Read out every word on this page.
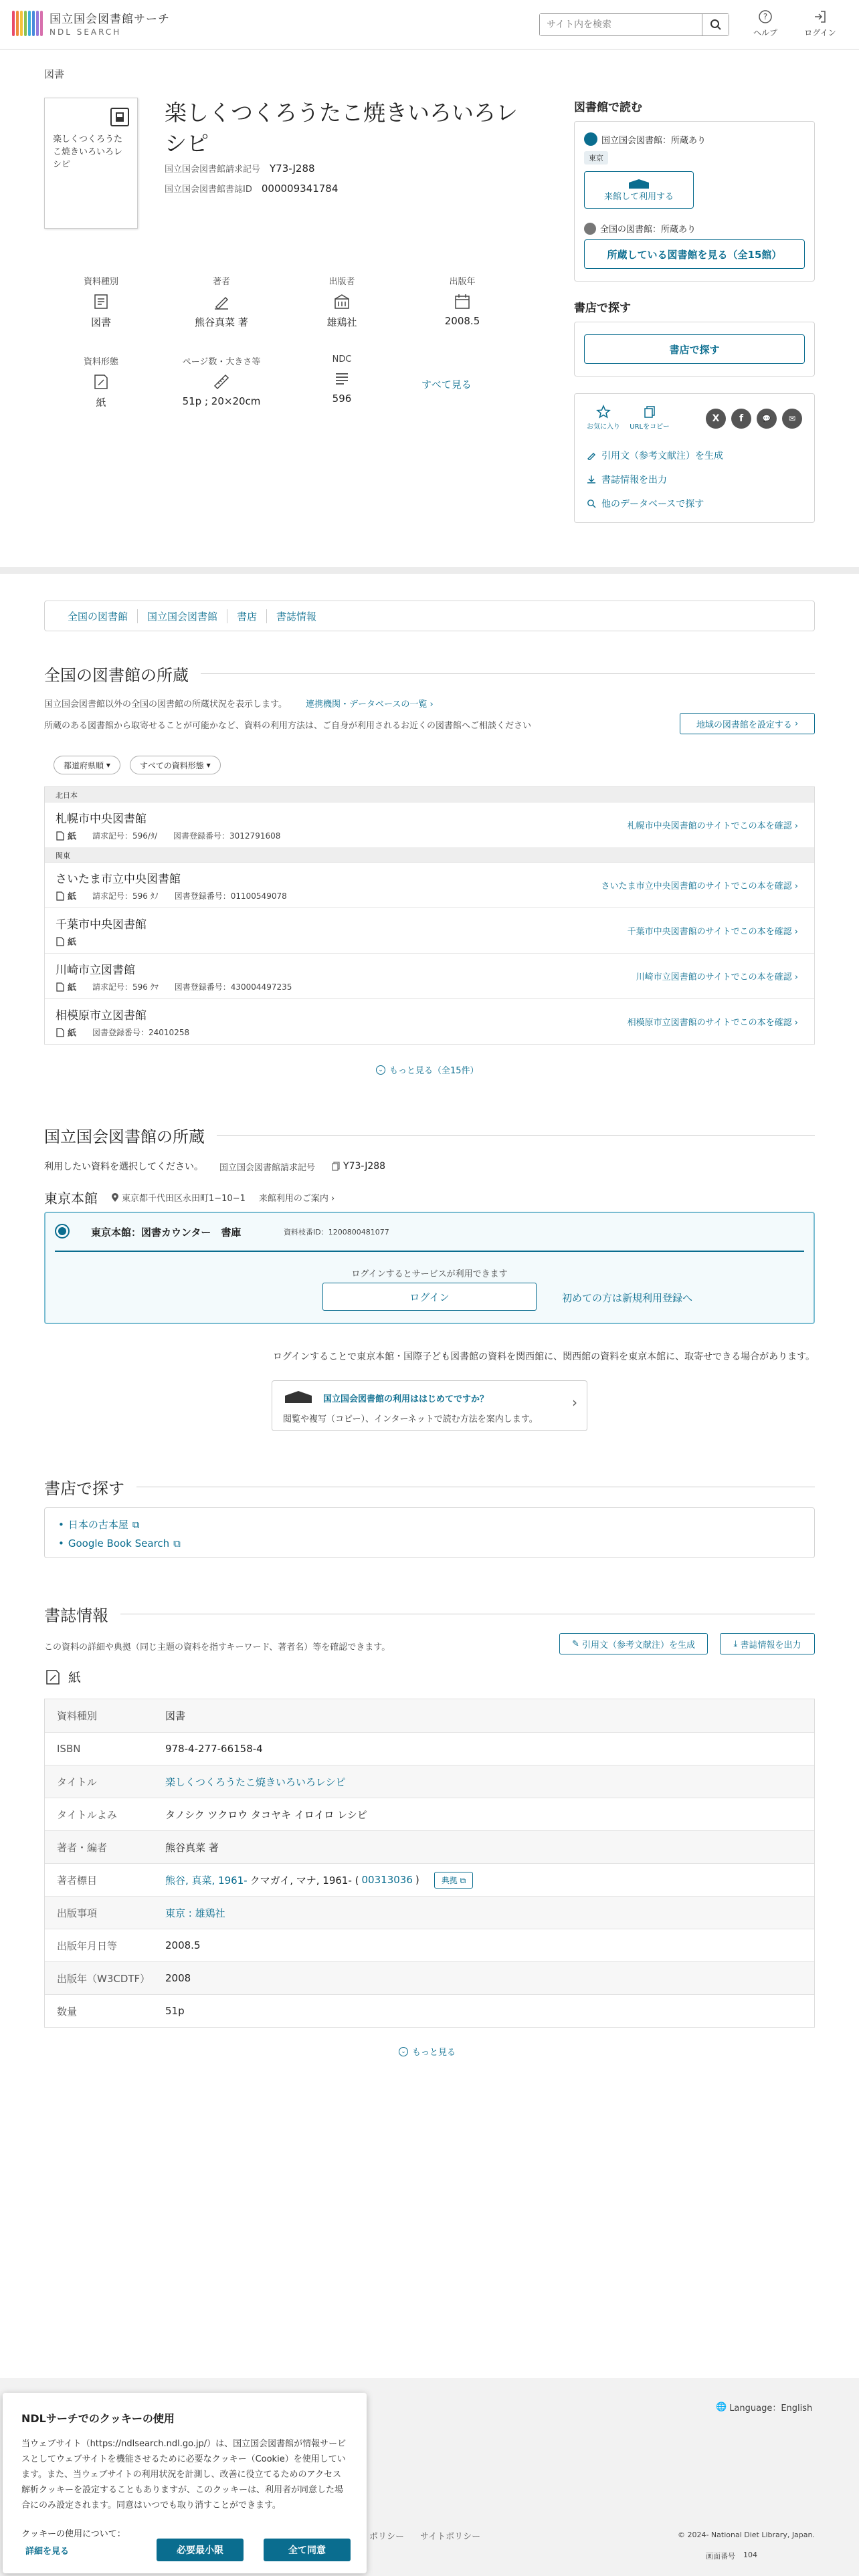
国立国会図書館サーチ
NDL SEARCH
サイト内を検索
?
ヘルプ	ログイン
図書
楽しくつくろうたこ焼きいろいろレシピ
楽しくつくろうたこ焼きいろいろレシピ
国立国会図書館請求記号 Y73-J288
国立国会図書館書誌ID 000009341784
資料種別
図書
著者
熊谷真菜 著
出版者
雄鶏社
出版年
2008.5
資料形態
紙
ページ数・大きさ等
51p ; 20×20cm
NDC
596
すべて見る
図書館で読む
国立国会図書館：所蔵あり
東京
来館して利用する
全国の図書館：所蔵あり
所蔵している図書館を見る（全15館）
書店で探す
書店で探す
お気に入り URLをコピー
X	f	💬	✉
引用文（参考文献注）を生成
書誌情報を出力
他のデータベースで探す
全国の図書館	国立国会図書館	書店	書誌情報
全国の図書館の所蔵
国立国会図書館以外の全国の図書館の所蔵状況を表示します。 連携機関・データベースの一覧 ›
所蔵のある図書館から取寄せることが可能かなど、資料の利用方法は、ご自身が利用されるお近くの図書館へご相談ください	地域の図書館を設定する ›
都道府県順 ▾	すべての資料形態 ▾
北日本
札幌市中央図書館
紙 請求記号：596/ﾀ/ 図書登録番号：3012791608
札幌市中央図書館のサイトでこの本を確認 ›
関東
さいたま市立中央図書館
紙 請求記号：596 ﾀﾉ 図書登録番号：01100549078
さいたま市立中央図書館のサイトでこの本を確認 ›
千葉市中央図書館
紙
千葉市中央図書館のサイトでこの本を確認 ›
川崎市立図書館
紙 請求記号：596 ｸﾏ 図書登録番号：430004497235
川崎市立図書館のサイトでこの本を確認 ›
相模原市立図書館
紙 図書登録番号：24010258
相模原市立図書館のサイトでこの本を確認 ›
⌄ もっと見る（全15件）
国立国会図書館の所蔵
利用したい資料を選択してください。 国立国会図書館請求記号	Y73-J288
東京本館	東京都千代田区永田町1−10−1 来館利用のご案内 ›
東京本館：図書カウンター　書庫	資料枝番ID：1200800481077
ログインするとサービスが利用できます
ログイン	初めての方は新規利用登録へ
ログインすることで東京本館・国際子ども図書館の資料を関西館に、関西館の資料を東京本館に、取寄せできる場合があります。
国立国会図書館の利用ははじめてですか？
閲覧や複写（コピー）、インターネットで読む方法を案内します。
›
書店で探す
• 日本の古本屋 ⧉
• Google Book Search ⧉
書誌情報
この資料の詳細や典拠（同じ主題の資料を指すキーワード、著者名）等を確認できます。	✎ 引用文（参考文献注）を生成	⤓ 書誌情報を出力
紙
資料種別	図書
ISBN	978-4-277-66158-4
タイトル	楽しくつくろうたこ焼きいろいろレシピ
タイトルよみ	タノシク ツクロウ タコヤキ イロイロ レシピ
著者・編者	熊谷真菜 著
著者標目	熊谷, 真菜, 1961- クマガイ, マナ, 1961- ( 00313036 )	典拠 ⧉
出版事項	東京 : 雄鶏社
出版年月日等	2008.5
出版年（W3CDTF）	2008
数量	51p
⌄ もっと見る
🌐 Language：English
ポリシー サイトポリシー	© 2024- National Diet Library, Japan.
画面番号 104
NDLサーチでのクッキーの使用

当ウェブサイト（https://ndlsearch.ndl.go.jp/）は、国立国会図書館が情報サービスとしてウェブサイトを機能させるために必要なクッキー（Cookie）を使用しています。また、当ウェブサイトの利用状況を計測し、改善に役立てるためのアクセス解析クッキーを設定することもありますが、このクッキーは、利用者が同意した場合にのみ設定されます。同意はいつでも取り消すことができます。

クッキーの使用について：
詳細を見る	必要最小限	全て同意
